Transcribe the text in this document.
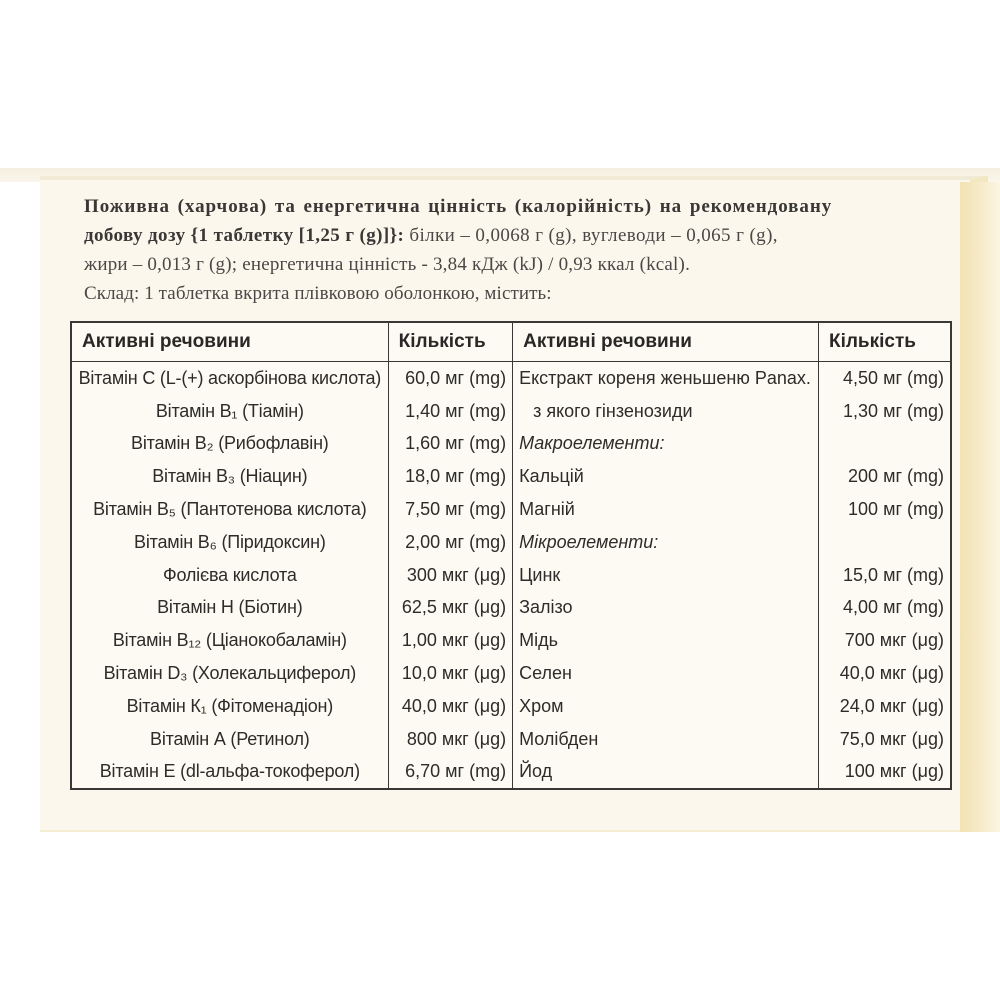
Поживна (харчова) та енергетична цінність (калорійність) на рекомендовану
добову дозу {1 таблетку [1,25 г (g)]}: білки – 0,0068 г (g), вуглеводи – 0,065 г (g),
жири – 0,013 г (g); енергетична цінність - 3,84 кДж (kJ) / 0,93 ккал (kcal).
Склад: 1 таблетка вкрита плівковою оболонкою, містить:
Активні речовини	Кількість	Активні речовини	Кількість
Вітамін С (L-(+) аскорбінова кислота)	60,0 мг (mg)	Екстракт кореня женьшеню Panax.	4,50 мг (mg)
Вітамін В₁ (Тіамін)	1,40 мг (mg)	з якого гінзенозиди	1,30 мг (mg)
Вітамін В₂ (Рибофлавін)	1,60 мг (mg)	Макроелементи:	
Вітамін В₃ (Ніацин)	18,0 мг (mg)	Кальцій	200 мг (mg)
Вітамін В₅ (Пантотенова кислота)	7,50 мг (mg)	Магній	100 мг (mg)
Вітамін В₆ (Піридоксин)	2,00 мг (mg)	Мікроелементи:	
Фолієва кислота	300 мкг (μg)	Цинк	15,0 мг (mg)
Вітамін Н (Біотин)	62,5 мкг (μg)	Залізо	4,00 мг (mg)
Вітамін В₁₂ (Ціанокобаламін)	1,00 мкг (μg)	Мідь	700 мкг (μg)
Вітамін D₃ (Холекальциферол)	10,0 мкг (μg)	Селен	40,0 мкг (μg)
Вітамін К₁ (Фітоменадіон)	40,0 мкг (μg)	Хром	24,0 мкг (μg)
Вітамін А (Ретинол)	800 мкг (μg)	Молібден	75,0 мкг (μg)
Вітамін Е (dl-альфа-токоферол)	6,70 мг (mg)	Йод	100 мкг (μg)
